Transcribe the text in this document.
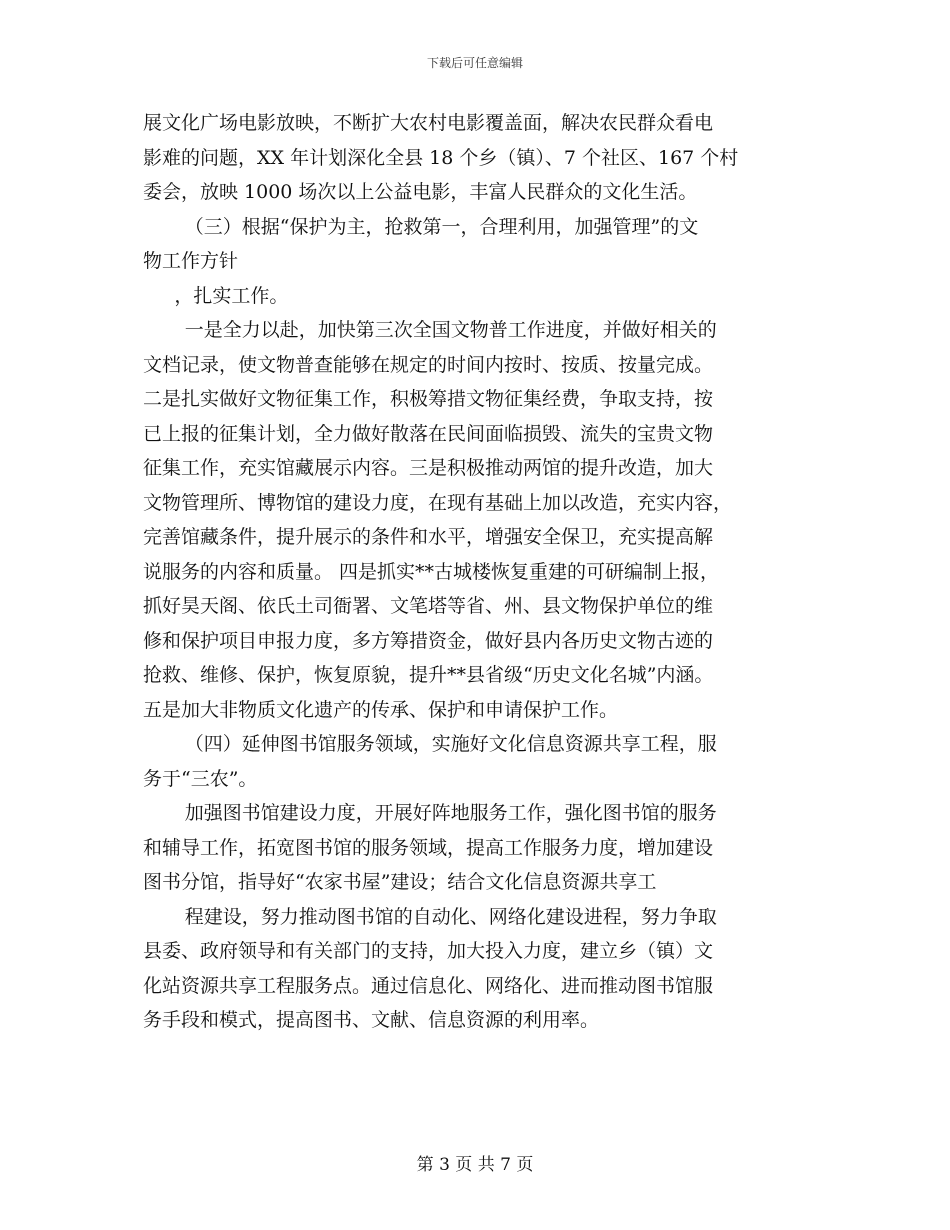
下载后可任意编辑
展文化广场电影放映，不断扩大农村电影覆盖面，解决农民群众看电
影难的问题，XX 年计划深化全县 18 个乡（镇）、7 个社区、167 个村
委会，放映 1000 场次以上公益电影，丰富人民群众的文化生活。
（三）根据“保护为主，抢救第一，合理利用，加强管理”的文
物工作方针
，扎实工作。
一是全力以赴，加快第三次全国文物普工作进度，并做好相关的
文档记录，使文物普查能够在规定的时间内按时、按质、按量完成。
二是扎实做好文物征集工作，积极筹措文物征集经费，争取支持，按
已上报的征集计划，全力做好散落在民间面临损毁、流失的宝贵文物
征集工作，充实馆藏展示内容。三是积极推动两馆的提升改造，加大
文物管理所、博物馆的建设力度，在现有基础上加以改造，充实内容，
完善馆藏条件，提升展示的条件和水平，增强安全保卫，充实提高解
说服务的内容和质量。 四是抓实**古城楼恢复重建的可研编制上报，
抓好昊天阁、依氏土司衙署、文笔塔等省、州、县文物保护单位的维
修和保护项目申报力度，多方筹措资金，做好县内各历史文物古迹的
抢救、维修、保护，恢复原貌，提升**县省级“历史文化名城”内涵。
五是加大非物质文化遗产的传承、保护和申请保护工作。
（四）延伸图书馆服务领域，实施好文化信息资源共享工程，服
务于“三农”。
加强图书馆建设力度，开展好阵地服务工作，强化图书馆的服务
和辅导工作，拓宽图书馆的服务领域，提高工作服务力度，增加建设
图书分馆，指导好“农家书屋”建设；结合文化信息资源共享工
程建设，努力推动图书馆的自动化、网络化建设进程，努力争取
县委、政府领导和有关部门的支持，加大投入力度，建立乡（镇）文
化站资源共享工程服务点。通过信息化、网络化、进而推动图书馆服
务手段和模式，提高图书、文献、信息资源的利用率。
第 3 页 共 7 页
